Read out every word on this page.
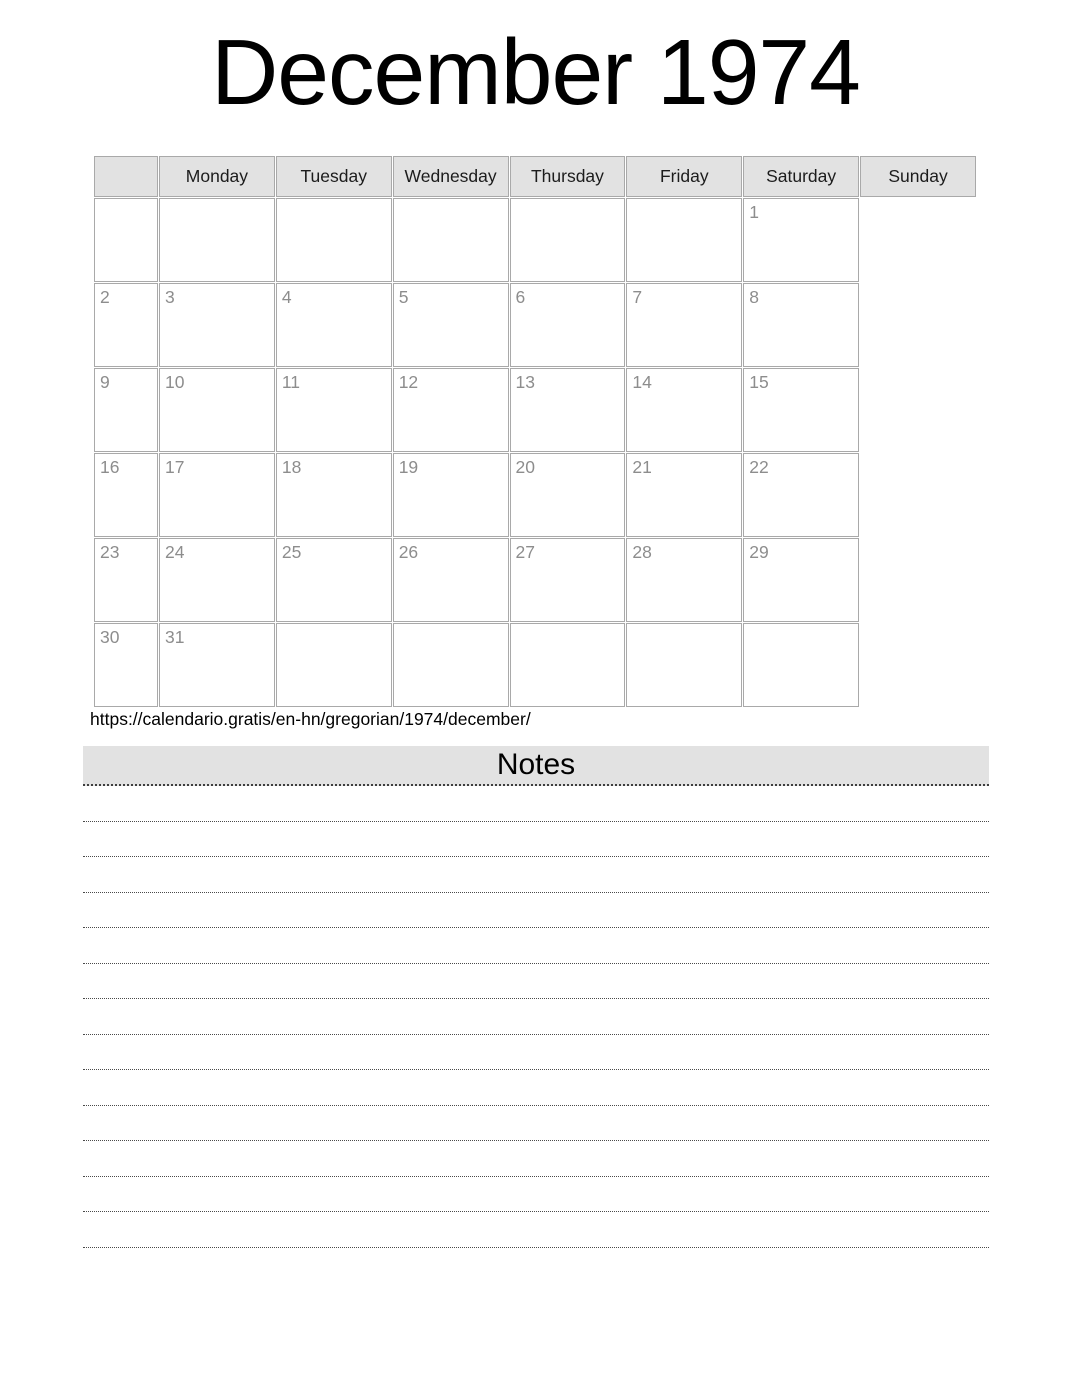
December 1974
	Monday	Tuesday	Wednesday	Thursday	Friday	Saturday	Sunday
						1	
2	3	4	5	6	7	8	
9	10	11	12	13	14	15	
16	17	18	19	20	21	22	
23	24	25	26	27	28	29	
30	31						
https://calendario.gratis/en-hn/gregorian/1974/december/
Notes
